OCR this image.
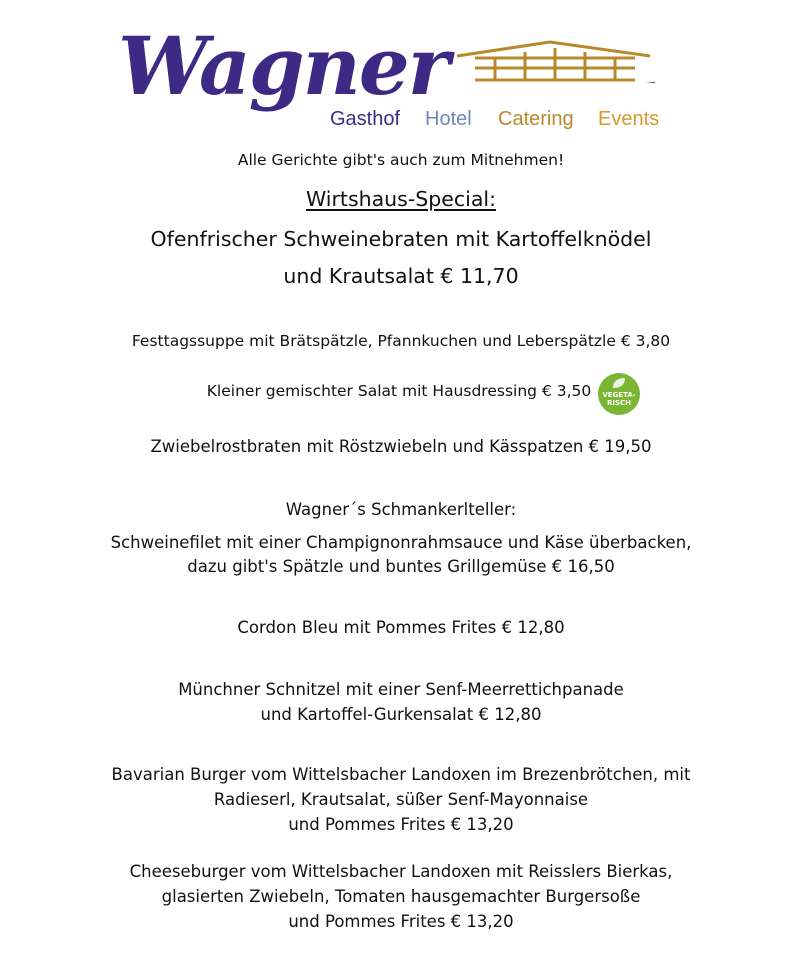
Wagner
Gasthof Hotel Catering Events
Alle Gerichte gibt's auch zum Mitnehmen!
Wirtshaus-Special:
Ofenfrischer Schweinebraten mit Kartoffelknödel
und Krautsalat € 11,70
Festtagssuppe mit Brätspätzle, Pfannkuchen und Leberspätzle € 3,80
Kleiner gemischter Salat mit Hausdressing € 3,50	VEGETA-
RISCH
Zwiebelrostbraten mit Röstzwiebeln und Kässpatzen € 19,50
Wagner´s Schmankerlteller:
Schweinefilet mit einer Champignonrahmsauce und Käse überbacken,
dazu gibt's Spätzle und buntes Grillgemüse € 16,50
Cordon Bleu mit Pommes Frites € 12,80
Münchner Schnitzel mit einer Senf-Meerrettichpanade
und Kartoffel-Gurkensalat € 12,80
Bavarian Burger vom Wittelsbacher Landoxen im Brezenbrötchen, mit
Radieserl, Krautsalat, süßer Senf-Mayonnaise
und Pommes Frites € 13,20
Cheeseburger vom Wittelsbacher Landoxen mit Reisslers Bierkas,
glasierten Zwiebeln, Tomaten hausgemachter Burgersoße
und Pommes Frites € 13,20
